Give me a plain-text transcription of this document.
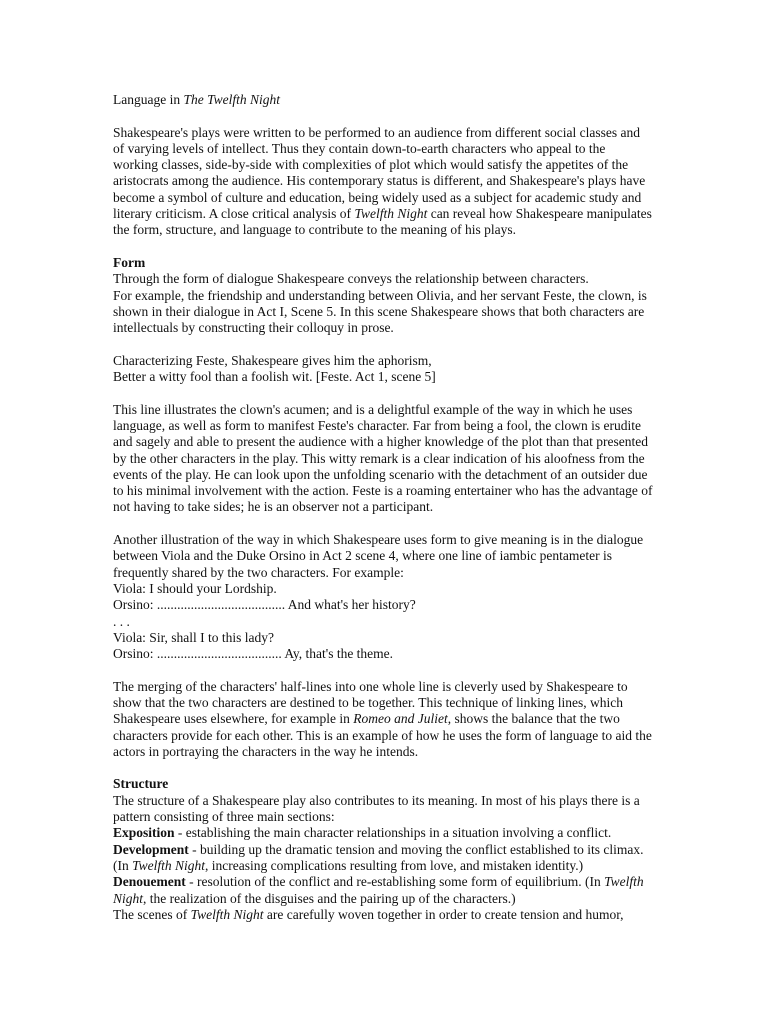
Language in The Twelfth Night

Shakespeare's plays were written to be performed to an audience from different social classes and of varying levels of intellect. Thus they contain down-to-earth characters who appeal to the working classes, side-by-side with complexities of plot which would satisfy the appetites of the aristocrats among the audience. His contemporary status is different, and Shakespeare's plays have become a symbol of culture and education, being widely used as a subject for academic study and literary criticism. A close critical analysis of Twelfth Night can reveal how Shakespeare manipulates the form, structure, and language to contribute to the meaning of his plays.

Form

Through the form of dialogue Shakespeare conveys the relationship between characters.

For example, the friendship and understanding between Olivia, and her servant Feste, the clown, is shown in their dialogue in Act I, Scene 5. In this scene Shakespeare shows that both characters are intellectuals by constructing their colloquy in prose.

Characterizing Feste, Shakespeare gives him the aphorism,

Better a witty fool than a foolish wit. [Feste. Act 1, scene 5]

This line illustrates the clown's acumen; and is a delightful example of the way in which he uses language, as well as form to manifest Feste's character. Far from being a fool, the clown is erudite and sagely and able to present the audience with a higher knowledge of the plot than that presented by the other characters in the play. This witty remark is a clear indication of his aloofness from the events of the play. He can look upon the unfolding scenario with the detachment of an outsider due to his minimal involvement with the action. Feste is a roaming entertainer who has the advantage of not having to take sides; he is an observer not a participant.

Another illustration of the way in which Shakespeare uses form to give meaning is in the dialogue between Viola and the Duke Orsino in Act 2 scene 4, where one line of iambic pentameter is frequently shared by the two characters. For example:

Viola: I should your Lordship.

Orsino: ...................................... And what's her history?

. . .

Viola: Sir, shall I to this lady?

Orsino: ..................................... Ay, that's the theme.

The merging of the characters' half-lines into one whole line is cleverly used by Shakespeare to show that the two characters are destined to be together. This technique of linking lines, which Shakespeare uses elsewhere, for example in Romeo and Juliet, shows the balance that the two characters provide for each other. This is an example of how he uses the form of language to aid the actors in portraying the characters in the way he intends.

Structure

The structure of a Shakespeare play also contributes to its meaning. In most of his plays there is a pattern consisting of three main sections:

Exposition - establishing the main character relationships in a situation involving a conflict.

Development - building up the dramatic tension and moving the conflict established to its climax. (In Twelfth Night, increasing complications resulting from love, and mistaken identity.)

Denouement - resolution of the conflict and re-establishing some form of equilibrium. (In Twelfth Night, the realization of the disguises and the pairing up of the characters.)

The scenes of Twelfth Night are carefully woven together in order to create tension and humor,
